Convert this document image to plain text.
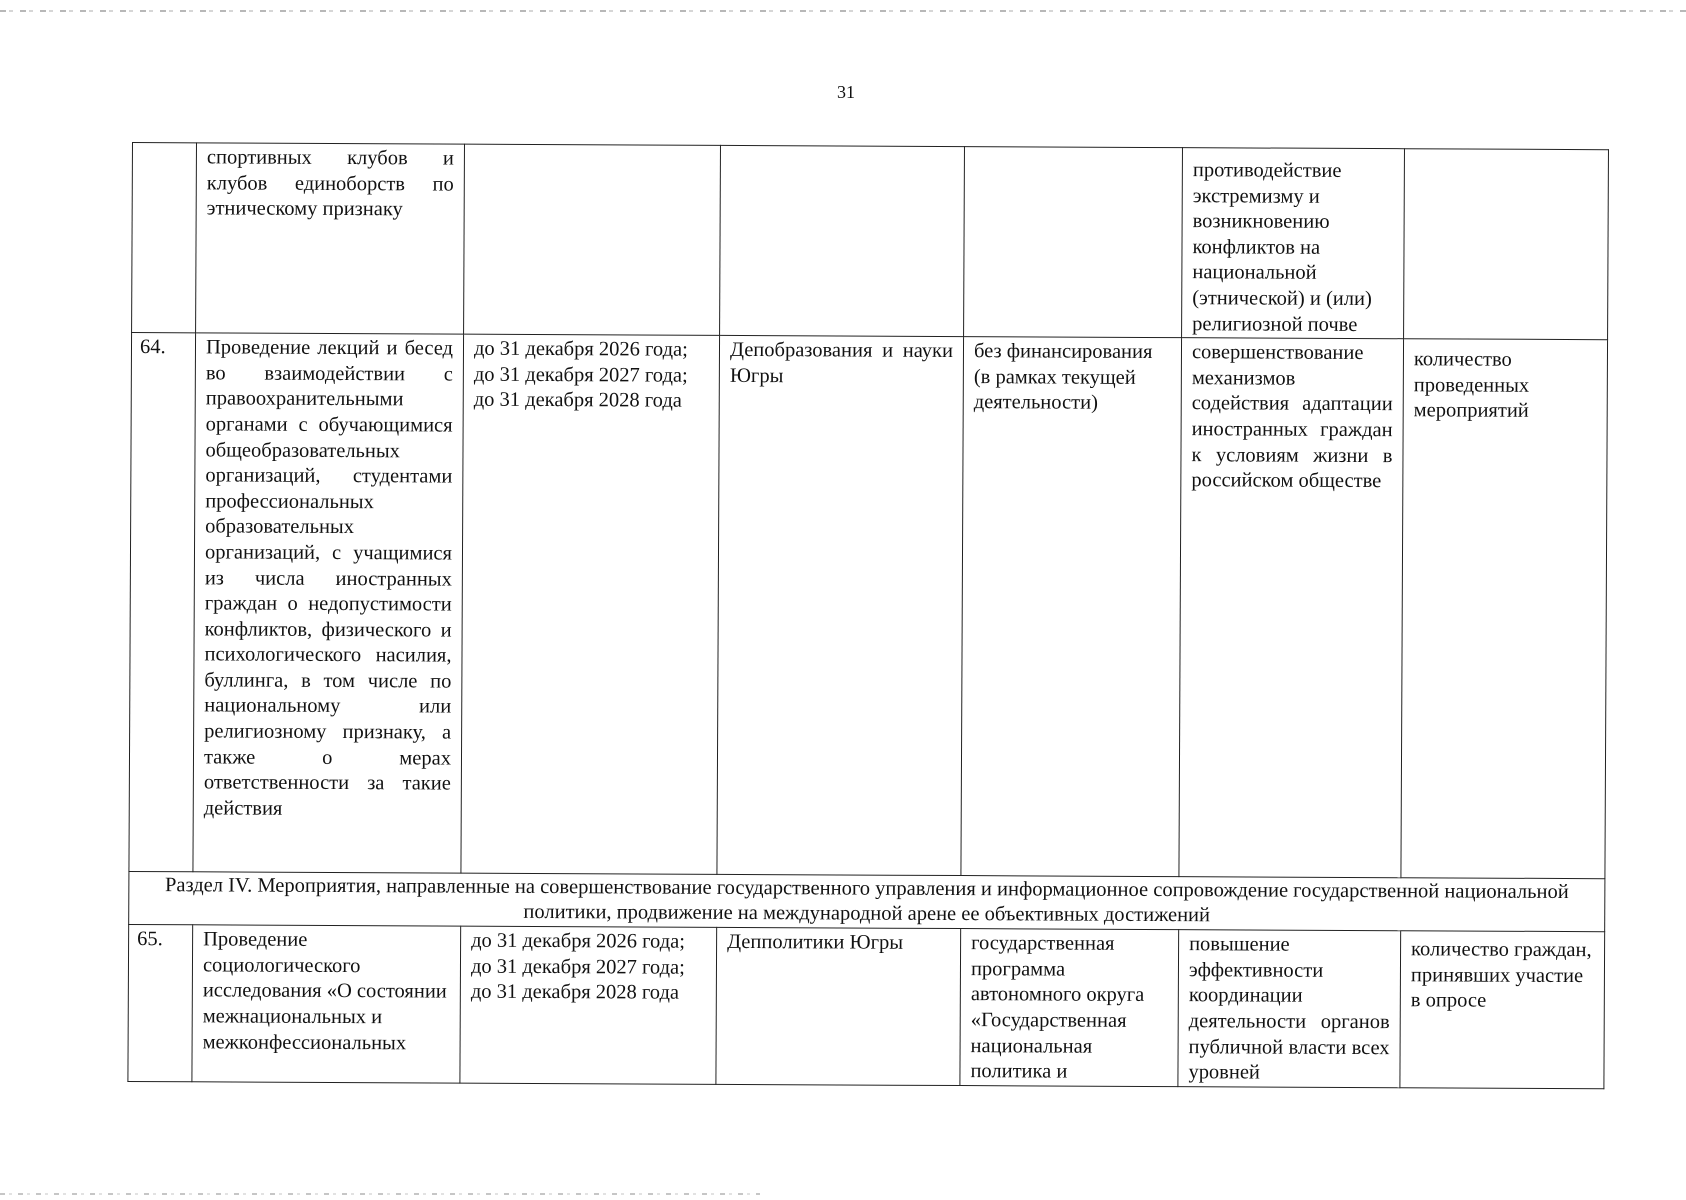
31
	спортивных клубов и клубов единоборств по этническому признаку				противодействие экстремизму и возникновению конфликтов на национальной (этнической) и (или) религиозной почве	
64.	Проведение лекций и бесед во взаимодействии с правоохранительными органами с обучающимися общеобразовательных организаций, студентами профессиональных образовательных организаций, с учащимися из числа иностранных граждан о недопустимости конфликтов, физического и психологического насилия, буллинга, в том числе по национальному или религиозному признаку, а также о мерах ответственности за такие действия	до 31 декабря 2026 года; до 31 декабря 2027 года; до 31 декабря 2028 года	Депобразования и науки Югры	без финансирования (в рамках текущей деятельности)	совершенствование механизмов содействия адаптации иностранных граждан к условиям жизни в российском обществе	количество проведенных мероприятий
Раздел IV. Мероприятия, направленные на совершенствование государственного управления и информационное сопровождение государственной национальной политики, продвижение на международной арене ее объективных достижений						
65.	Проведение социологического исследования «О состоянии межнациональных и межконфессиональных	до 31 декабря 2026 года; до 31 декабря 2027 года; до 31 декабря 2028 года	Депполитики Югры	государственная программа автономного округа «Государственная национальная политика и	повышение эффективности координации деятельности органов публичной власти всех уровней	количество граждан, принявших участие в опросе
